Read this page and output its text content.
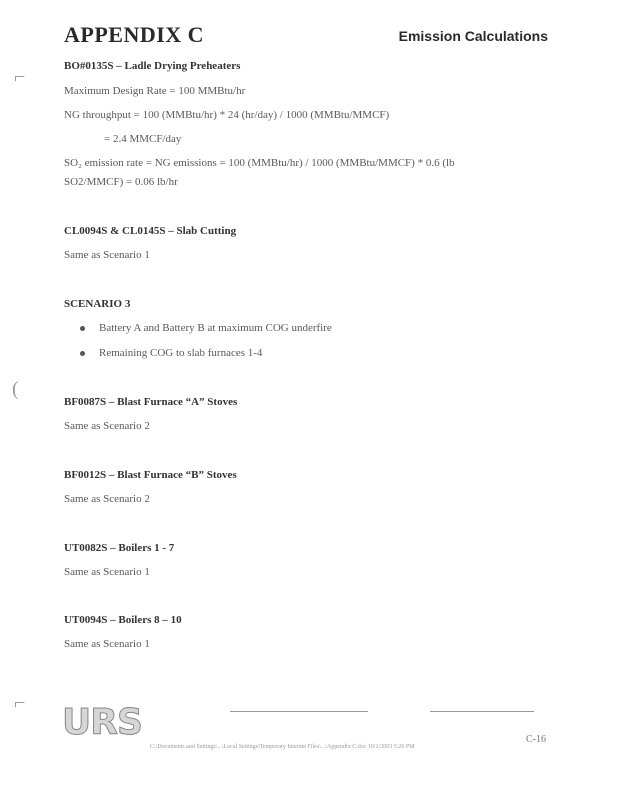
APPENDIX C	Emission Calculations
⌐
(
⌐
BO#0135S – Ladle Drying Preheaters
Maximum Design Rate = 100 MMBtu/hr
NG throughput = 100 (MMBtu/hr) * 24 (hr/day) / 1000 (MMBtu/MMCF)
= 2.4 MMCF/day
SO₂ emission rate = NG emissions = 100 (MMBtu/hr) / 1000 (MMBtu/MMCF) * 0.6 (lb
SO2/MMCF) = 0.06 lb/hr
CL0094S & CL0145S – Slab Cutting
Same as Scenario 1
SCENARIO 3
Battery A and Battery B at maximum COG underfire
Remaining COG to slab furnaces 1-4
BF0087S – Blast Furnace “A” Stoves
Same as Scenario 2
BF0012S – Blast Furnace “B” Stoves
Same as Scenario 2
UT0082S – Boilers 1 - 7
Same as Scenario 1
UT0094S – Boilers 8 – 10
Same as Scenario 1
URS	C-16
C:\Documents and Settings\...\Local Settings\Temporary Internet Files\...\Appendix C.doc 10/1/2003 5:26 PM
